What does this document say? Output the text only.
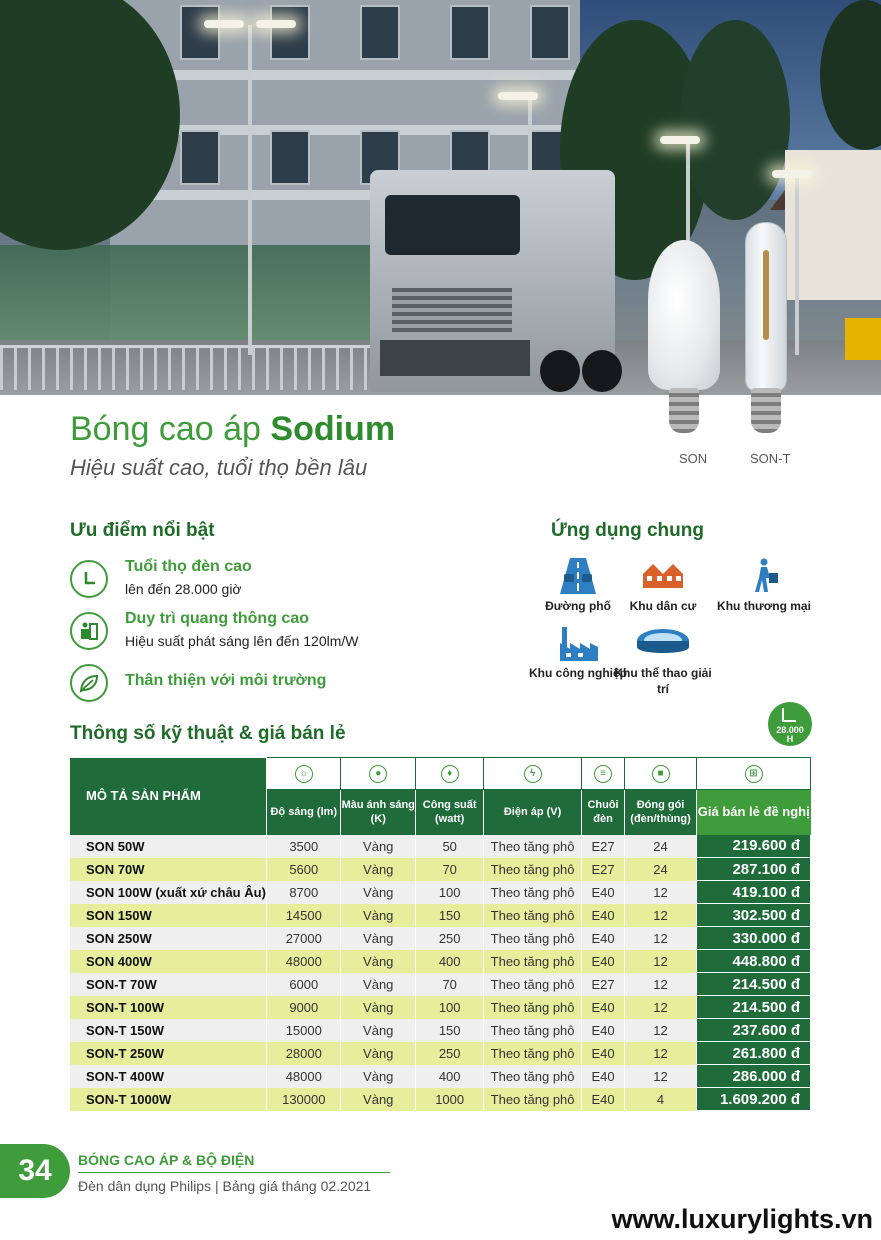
SON	SON-T
Bóng cao áp Sodium
Hiệu suất cao, tuổi thọ bền lâu
Ưu điểm nổi bật
Tuổi thọ đèn cao
lên đến 28.000 giờ
Duy trì quang thông cao
Hiệu suất phát sáng lên đến 120lm/W
Thân thiện với môi trường
Ứng dụng chung
Đường phố	Khu dân cư	Khu thương mại
Khu công nghiệp
Khu thể thao giải trí
28.000
H
Thông số kỹ thuật & giá bán lẻ
MÔ TẢ SẢN PHẨM	☼	●	♦	ϟ	≡	■	⊞
	Độ sáng (lm)	Màu ánh sáng (K)	Công suất (watt)	Điện áp (V)	Chuôi đèn	Đóng gói (đèn/thùng)	Giá bán lẻ đề nghị
SON 50W	3500	Vàng	50	Theo tăng phô	E27	24	219.600 đ
SON 70W	5600	Vàng	70	Theo tăng phô	E27	24	287.100 đ
SON 100W (xuất xứ châu Âu)	8700	Vàng	100	Theo tăng phô	E40	12	419.100 đ
SON 150W	14500	Vàng	150	Theo tăng phô	E40	12	302.500 đ
SON 250W	27000	Vàng	250	Theo tăng phô	E40	12	330.000 đ
SON 400W	48000	Vàng	400	Theo tăng phô	E40	12	448.800 đ
SON-T 70W	6000	Vàng	70	Theo tăng phô	E27	12	214.500 đ
SON-T 100W	9000	Vàng	100	Theo tăng phô	E40	12	214.500 đ
SON-T 150W	15000	Vàng	150	Theo tăng phô	E40	12	237.600 đ
SON-T 250W	28000	Vàng	250	Theo tăng phô	E40	12	261.800 đ
SON-T 400W	48000	Vàng	400	Theo tăng phô	E40	12	286.000 đ
SON-T 1000W	130000	Vàng	1000	Theo tăng phô	E40	4	1.609.200 đ
34	BÓNG CAO ÁP & BỘ ĐIỆN
Đèn dân dụng Philips | Bảng giá tháng 02.2021
www.luxurylights.vn
